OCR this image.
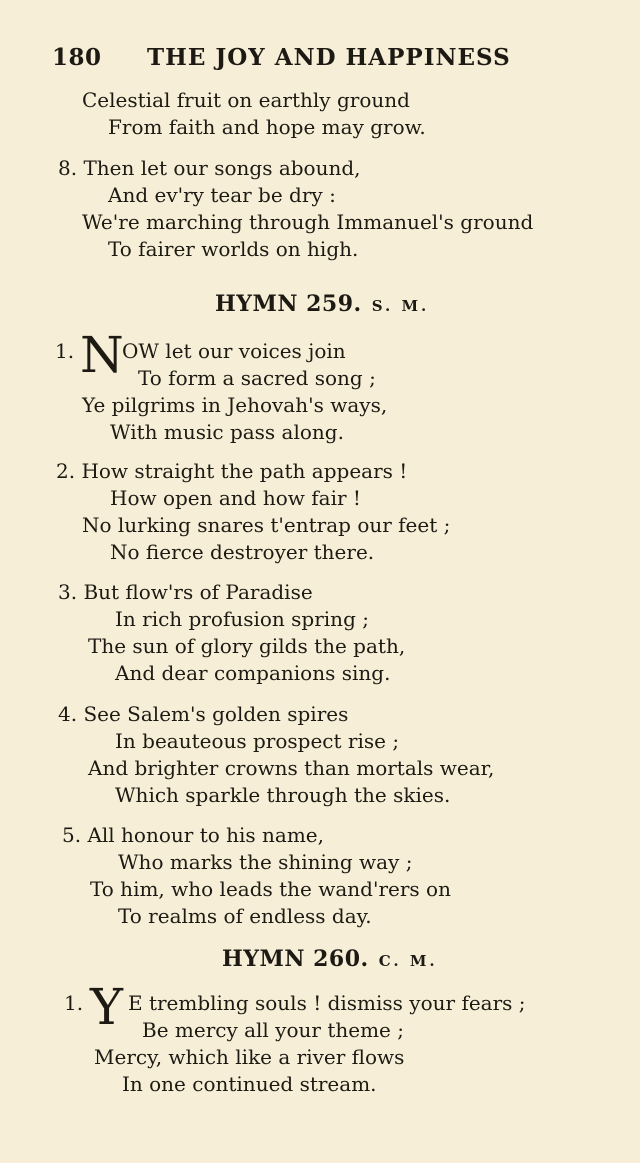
180 THE JOY AND HAPPINESS
Celestial fruit on earthly ground
From faith and hope may grow.
8. Then let our songs abound,
And ev'ry tear be dry :
We're marching through Immanuel's ground
To fairer worlds on high.
HYMN 259. S. M.
1. N
OW let our voices join
To form a sacred song ;
Ye pilgrims in Jehovah's ways,
With music pass along.
2. How straight the path appears !
How open and how fair !
No lurking snares t'entrap our feet ;
No fierce destroyer there.
3. But flow'rs of Paradise
In rich profusion spring ;
The sun of glory gilds the path,
And dear companions sing.
4. See Salem's golden spires
In beauteous prospect rise ;
And brighter crowns than mortals wear,
Which sparkle through the skies.
5. All honour to his name,
Who marks the shining way ;
To him, who leads the wand'rers on
To realms of endless day.
HYMN 260. C. M.
1. Y E trembling souls ! dismiss your fears ;
Be mercy all your theme ;
Mercy, which like a river flows
In one continued stream.
